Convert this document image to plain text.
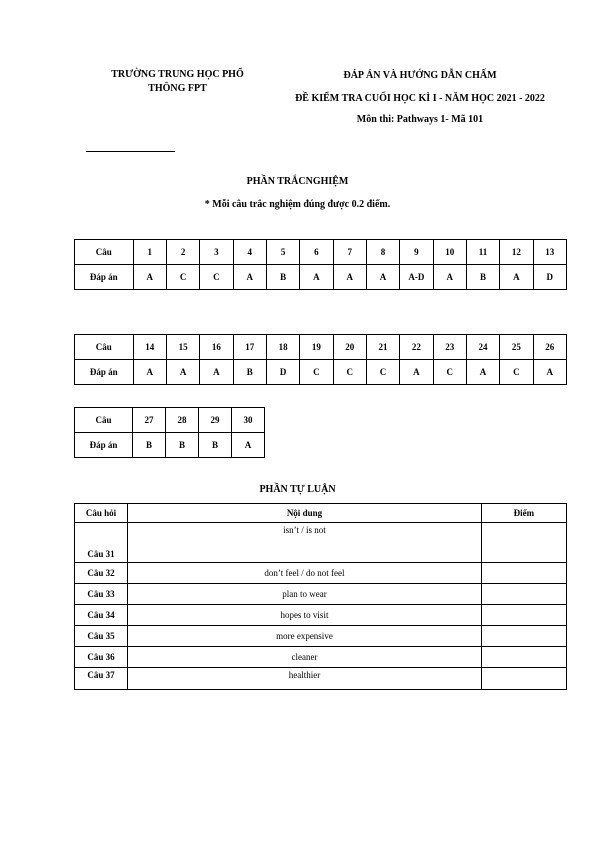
TRƯỜNG TRUNG HỌC PHỔ THÔNG FPT
ĐÁP ÁN VÀ HƯỚNG DẪN CHẤM
ĐỀ KIỂM TRA CUỐI HỌC KÌ I - NĂM HỌC 2021 - 2022
Môn thi: Pathways 1- Mã 101
PHẦN TRẮCNGHIỆM
* Mỗi câu trắc nghiệm đúng được 0.2 điểm.
Câu	1	2	3	4	5	6	7	8	9	10	11	12	13
Đáp án	A	C	C	A	B	A	A	A	A-D	A	B	A	D
Câu	14	15	16	17	18	19	20	21	22	23	24	25	26
Đáp án	A	A	A	B	D	C	C	C	A	C	A	C	A
Câu	27	28	29	30
Đáp án	B	B	B	A
PHẦN TỰ LUẬN
Câu hỏi	Nội dung	Điểm
Câu 31	isn’t / is not	
Câu 32	don’t feel / do not feel	
Câu 33	plan to wear	
Câu 34	hopes to visit	
Câu 35	more expensive	
Câu 36	cleaner	
Câu 37	healthier	
